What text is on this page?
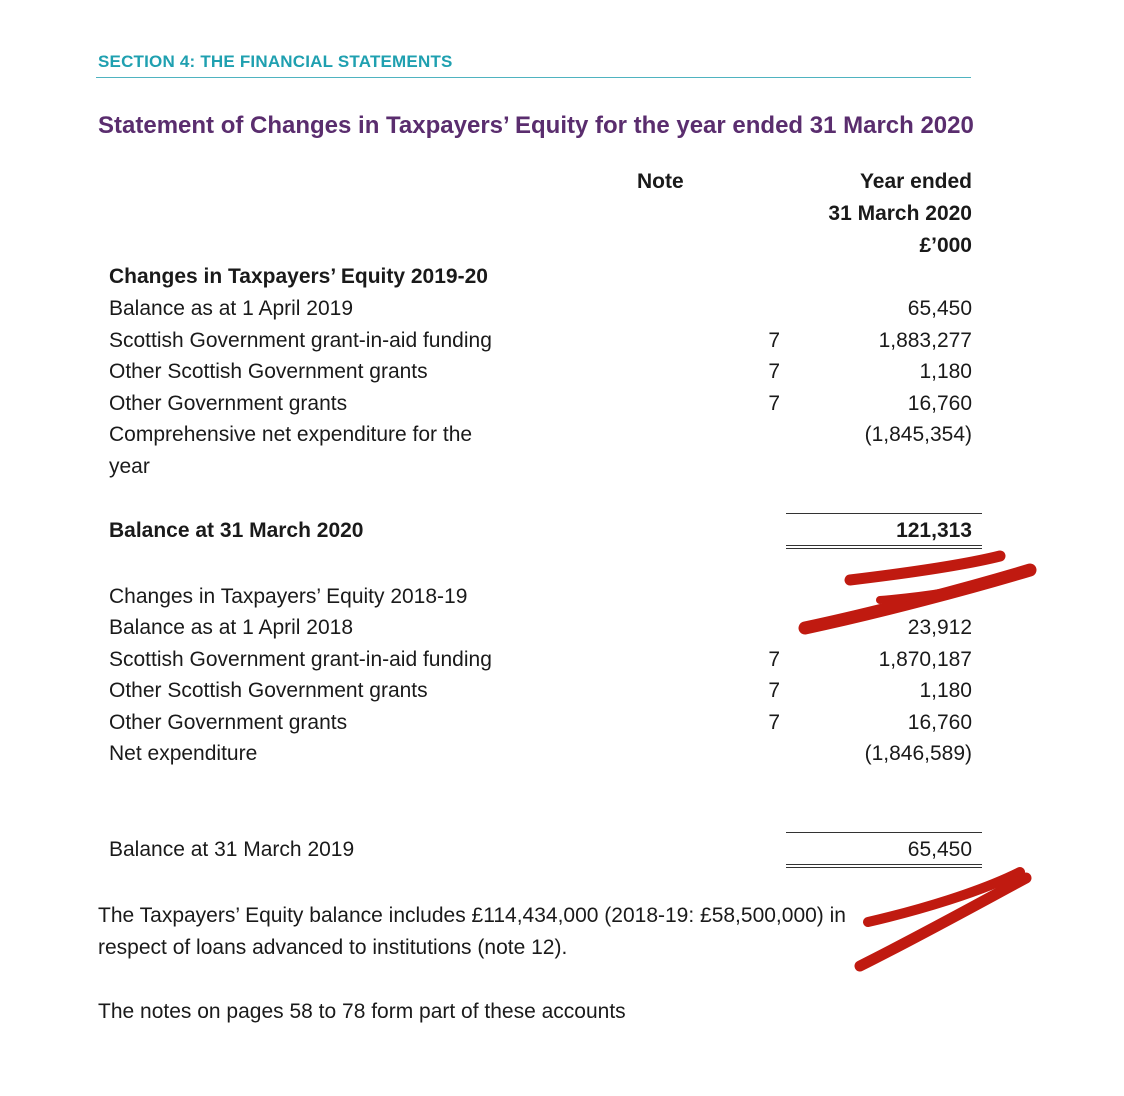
SECTION 4: THE FINANCIAL STATEMENTS
Statement of Changes in Taxpayers’ Equity for the year ended 31 March 2020
Note	Year ended
31 March 2020
£’000
Changes in Taxpayers’ Equity 2019-20
Balance as at 1 April 2019	65,450
Scottish Government grant-in-aid funding	7	1,883,277
Other Scottish Government grants	7	1,180
Other Government grants	7	16,760
Comprehensive net expenditure for the	(1,845,354)
year
Balance at 31 March 2020	121,313
Changes in Taxpayers’ Equity 2018-19
Balance as at 1 April 2018	23,912
Scottish Government grant-in-aid funding	7	1,870,187
Other Scottish Government grants	7	1,180
Other Government grants	7	16,760
Net expenditure	(1,846,589)
Balance at 31 March 2019	65,450
The Taxpayers’ Equity balance includes £114,434,000 (2018-19: £58,500,000) in
respect of loans advanced to institutions (note 12).
The notes on pages 58 to 78 form part of these accounts
